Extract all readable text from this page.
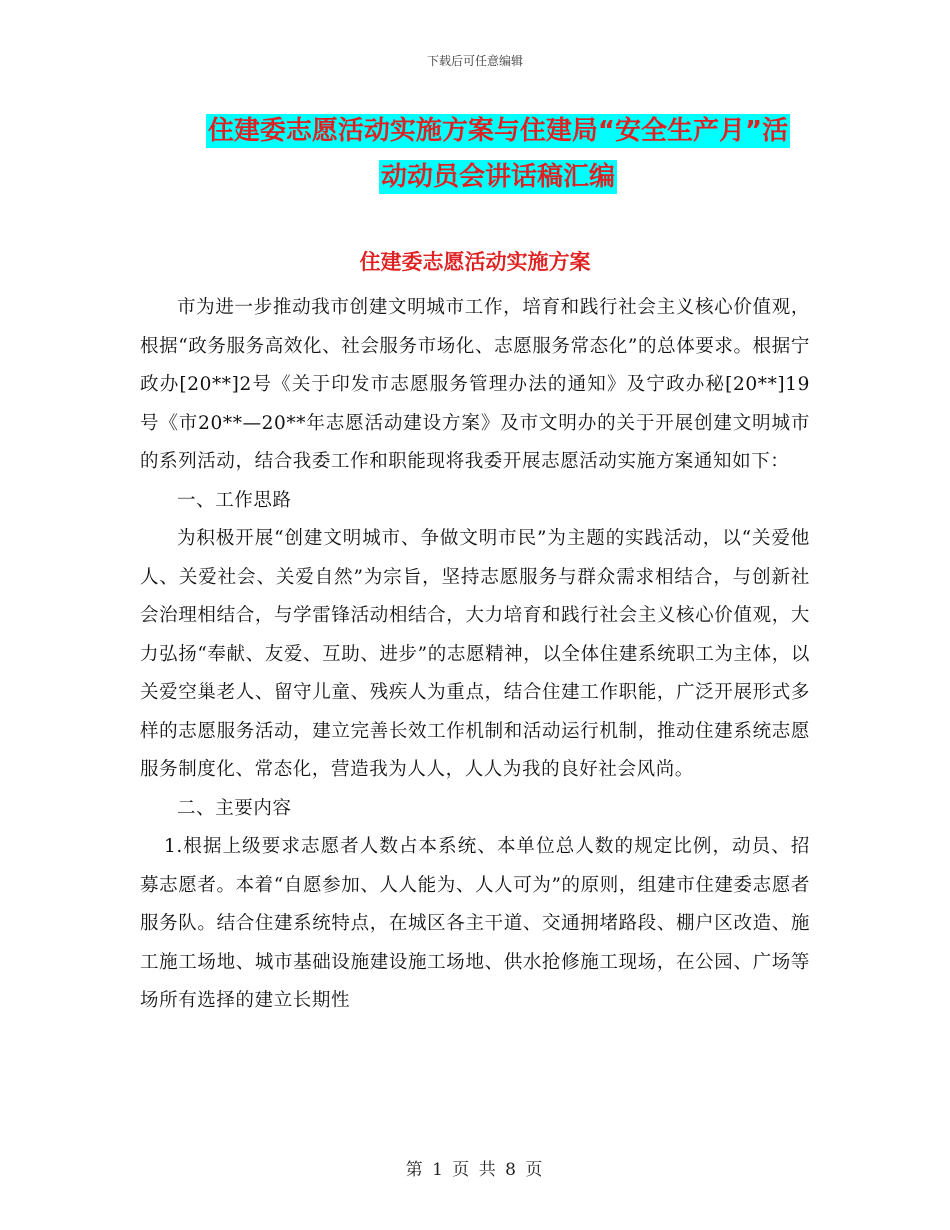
下载后可任意编辑
住建委志愿活动实施方案与住建局“安全生产月”活
动动员会讲话稿汇编
住建委志愿活动实施方案

市为进一步推动我市创建文明城市工作，培育和践行社会主义核心价值观，根据“政务服务高效化、社会服务市场化、志愿服务常态化”的总体要求。根据宁政办[20**]2号《关于印发市志愿服务管理办法的通知》及宁政办秘[20**]19号《市20**—20**年志愿活动建设方案》及市文明办的关于开展创建文明城市的系列活动，结合我委工作和职能现将我委开展志愿活动实施方案通知如下：

一、工作思路

为积极开展“创建文明城市、争做文明市民”为主题的实践活动，以“关爱他人、关爱社会、关爱自然”为宗旨，坚持志愿服务与群众需求相结合，与创新社会治理相结合，与学雷锋活动相结合，大力培育和践行社会主义核心价值观，大力弘扬“奉献、友爱、互助、进步”的志愿精神，以全体住建系统职工为主体，以关爱空巢老人、留守儿童、残疾人为重点，结合住建工作职能，广泛开展形式多样的志愿服务活动，建立完善长效工作机制和活动运行机制，推动住建系统志愿服务制度化、常态化，营造我为人人，人人为我的良好社会风尚。

二、主要内容

1.根据上级要求志愿者人数占本系统、本单位总人数的规定比例，动员、招募志愿者。本着“自愿参加、人人能为、人人可为”的原则，组建市住建委志愿者服务队。结合住建系统特点，在城区各主干道、交通拥堵路段、棚户区改造、施工施工场地、城市基础设施建设施工场地、供水抢修施工现场，在公园、广场等场所有选择的建立长期性

第 1 页 共 8 页
